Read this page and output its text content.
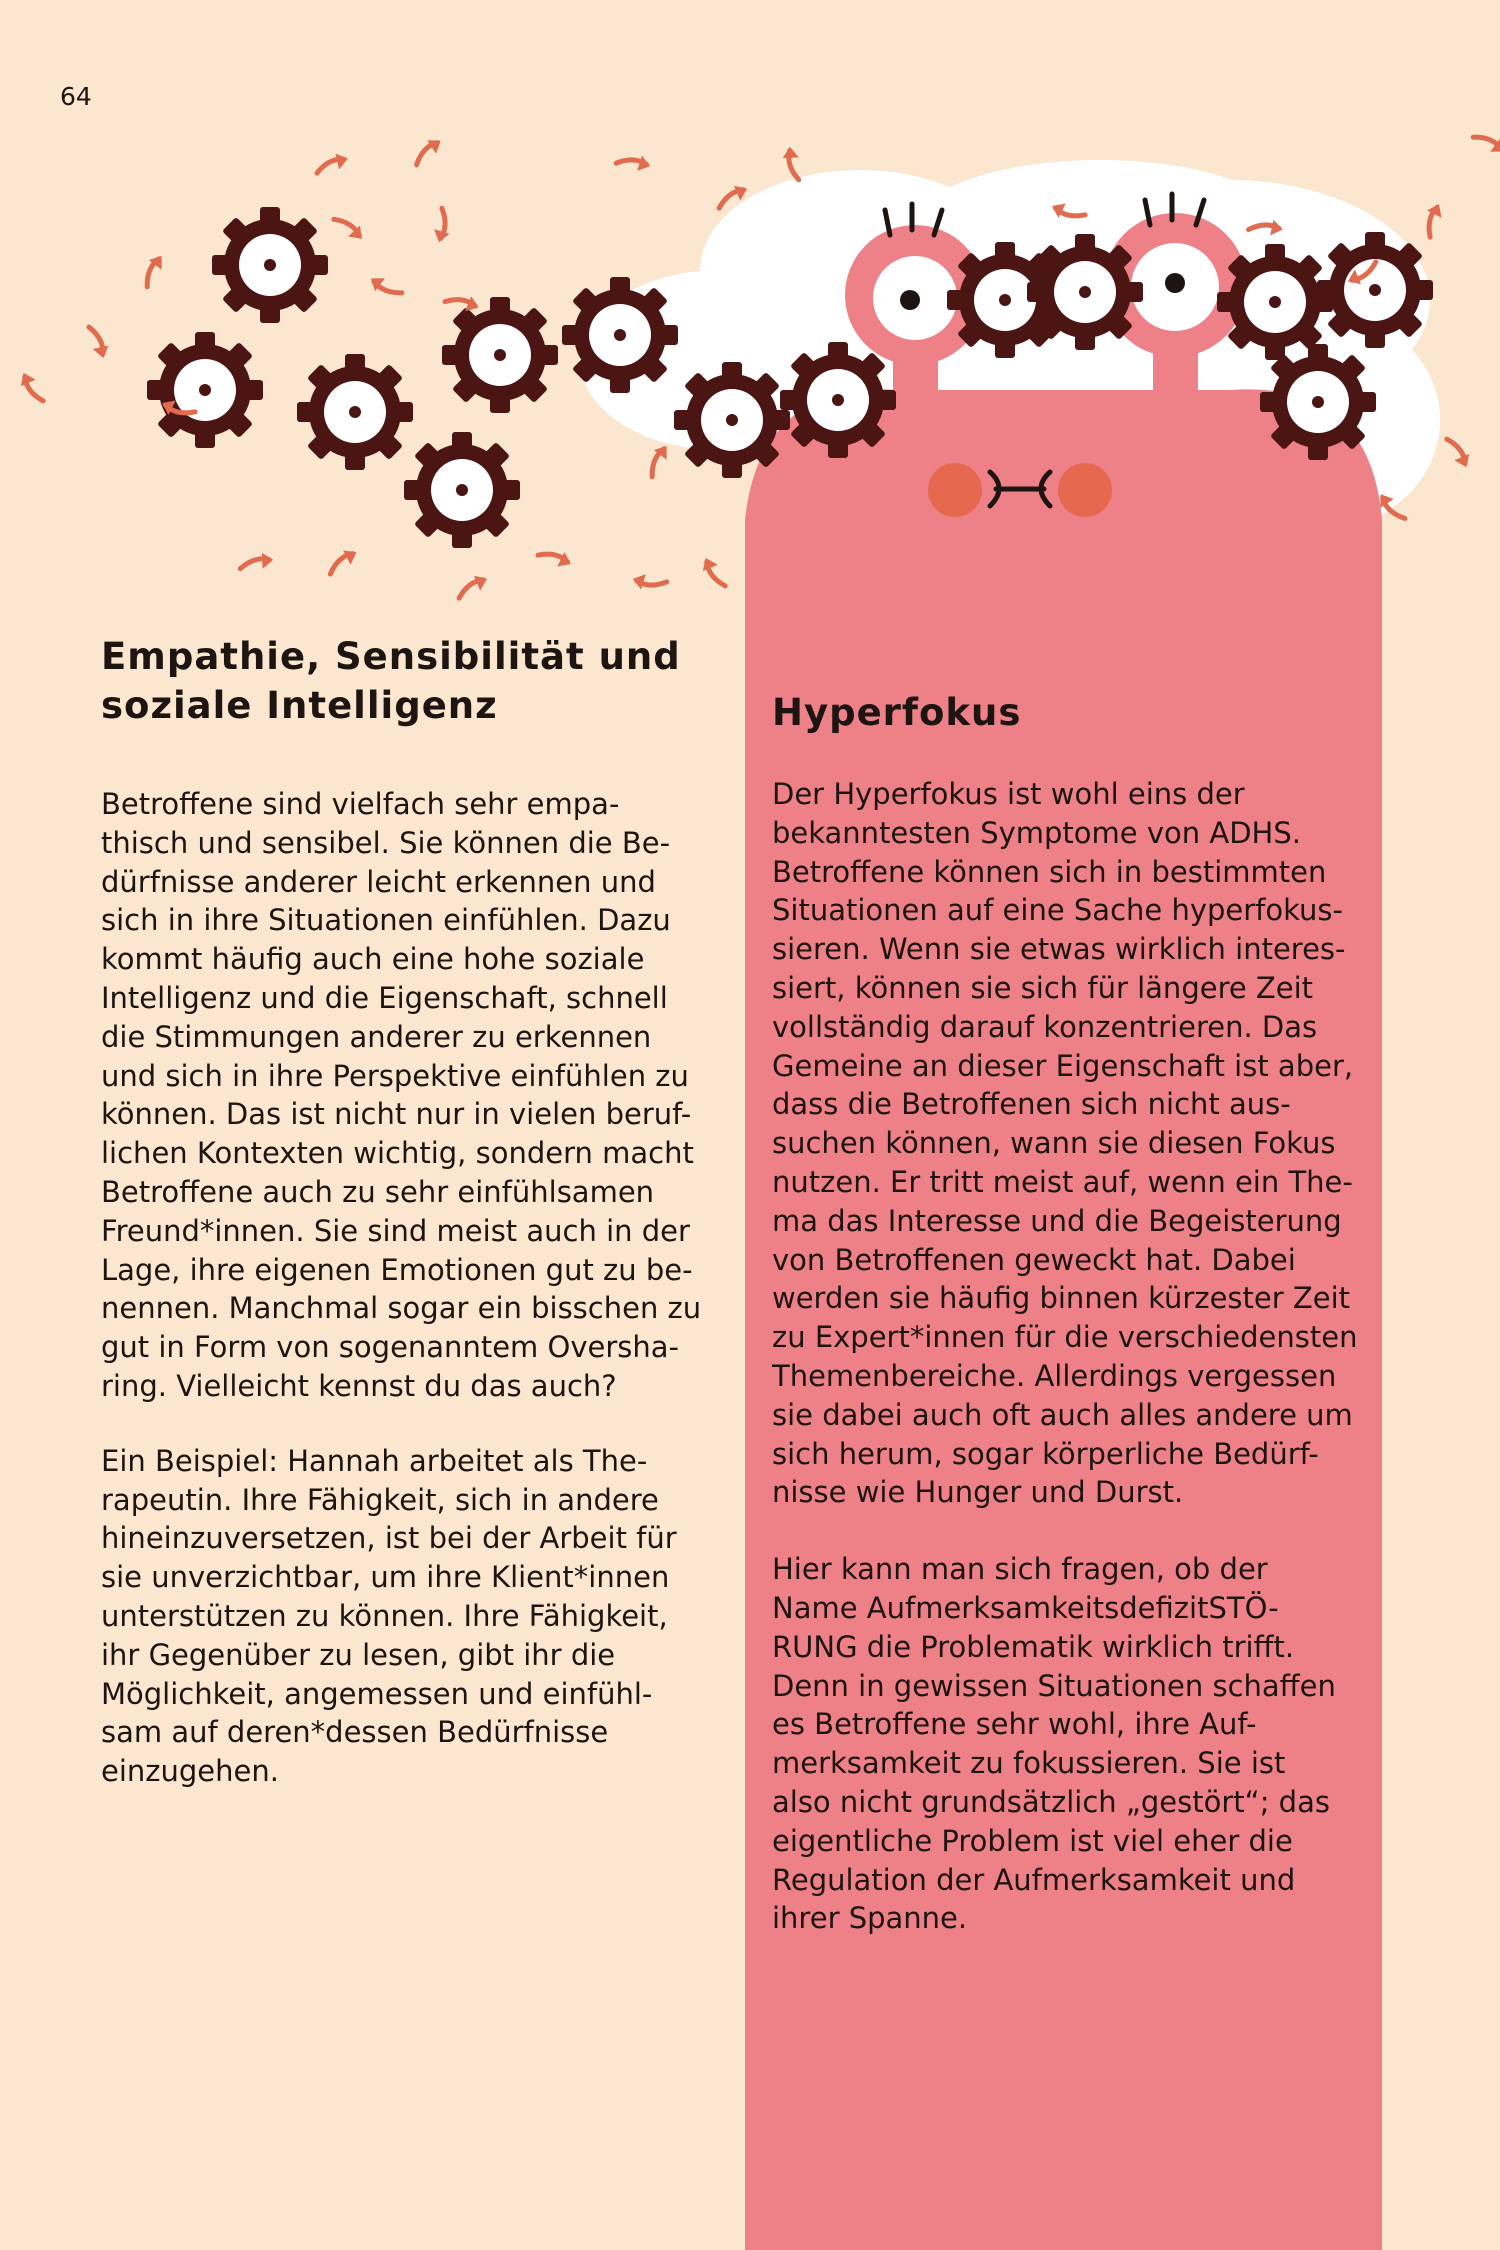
64
Empathie, Sensibilität und
soziale Intelligenz

Betroffene sind vielfach sehr empa-
thisch und sensibel. Sie können die Be-
dürfnisse anderer leicht erkennen und
sich in ihre Situationen einfühlen. Dazu
kommt häufig auch eine hohe soziale
Intelligenz und die Eigenschaft, schnell
die Stimmungen anderer zu erkennen
und sich in ihre Perspektive einfühlen zu
können. Das ist nicht nur in vielen beruf-
lichen Kontexten wichtig, sondern macht
Betroffene auch zu sehr einfühlsamen
Freund*innen. Sie sind meist auch in der
Lage, ihre eigenen Emotionen gut zu be-
nennen. Manchmal sogar ein bisschen zu
gut in Form von sogenanntem Oversha-
ring. Vielleicht kennst du das auch?

Ein Beispiel: Hannah arbeitet als The-
rapeutin. Ihre Fähigkeit, sich in andere
hineinzuversetzen, ist bei der Arbeit für
sie unverzichtbar, um ihre Klient*innen
unterstützen zu können. Ihre Fähigkeit,
ihr Gegenüber zu lesen, gibt ihr die
Möglichkeit, angemessen und einfühl-
sam auf deren*dessen Bedürfnisse
einzugehen.

Hyperfokus

Der Hyperfokus ist wohl eins der
bekanntesten Symptome von ADHS.
Betroffene können sich in bestimmten
Situationen auf eine Sache hyperfokus-
sieren. Wenn sie etwas wirklich interes-
siert, können sie sich für längere Zeit
vollständig darauf konzentrieren. Das
Gemeine an dieser Eigenschaft ist aber,
dass die Betroffenen sich nicht aus-
suchen können, wann sie diesen Fokus
nutzen. Er tritt meist auf, wenn ein The-
ma das Interesse und die Begeisterung
von Betroffenen geweckt hat. Dabei
werden sie häufig binnen kürzester Zeit
zu Expert*innen für die verschiedensten
Themenbereiche. Allerdings vergessen
sie dabei auch oft auch alles andere um
sich herum, sogar körperliche Bedürf-
nisse wie Hunger und Durst.

Hier kann man sich fragen, ob der
Name AufmerksamkeitsdefizitSTÖ-
RUNG die Problematik wirklich trifft.
Denn in gewissen Situationen schaffen
es Betroffene sehr wohl, ihre Auf-
merksamkeit zu fokussieren. Sie ist
also nicht grundsätzlich „gestört“; das
eigentliche Problem ist viel eher die
Regulation der Aufmerksamkeit und
ihrer Spanne.
